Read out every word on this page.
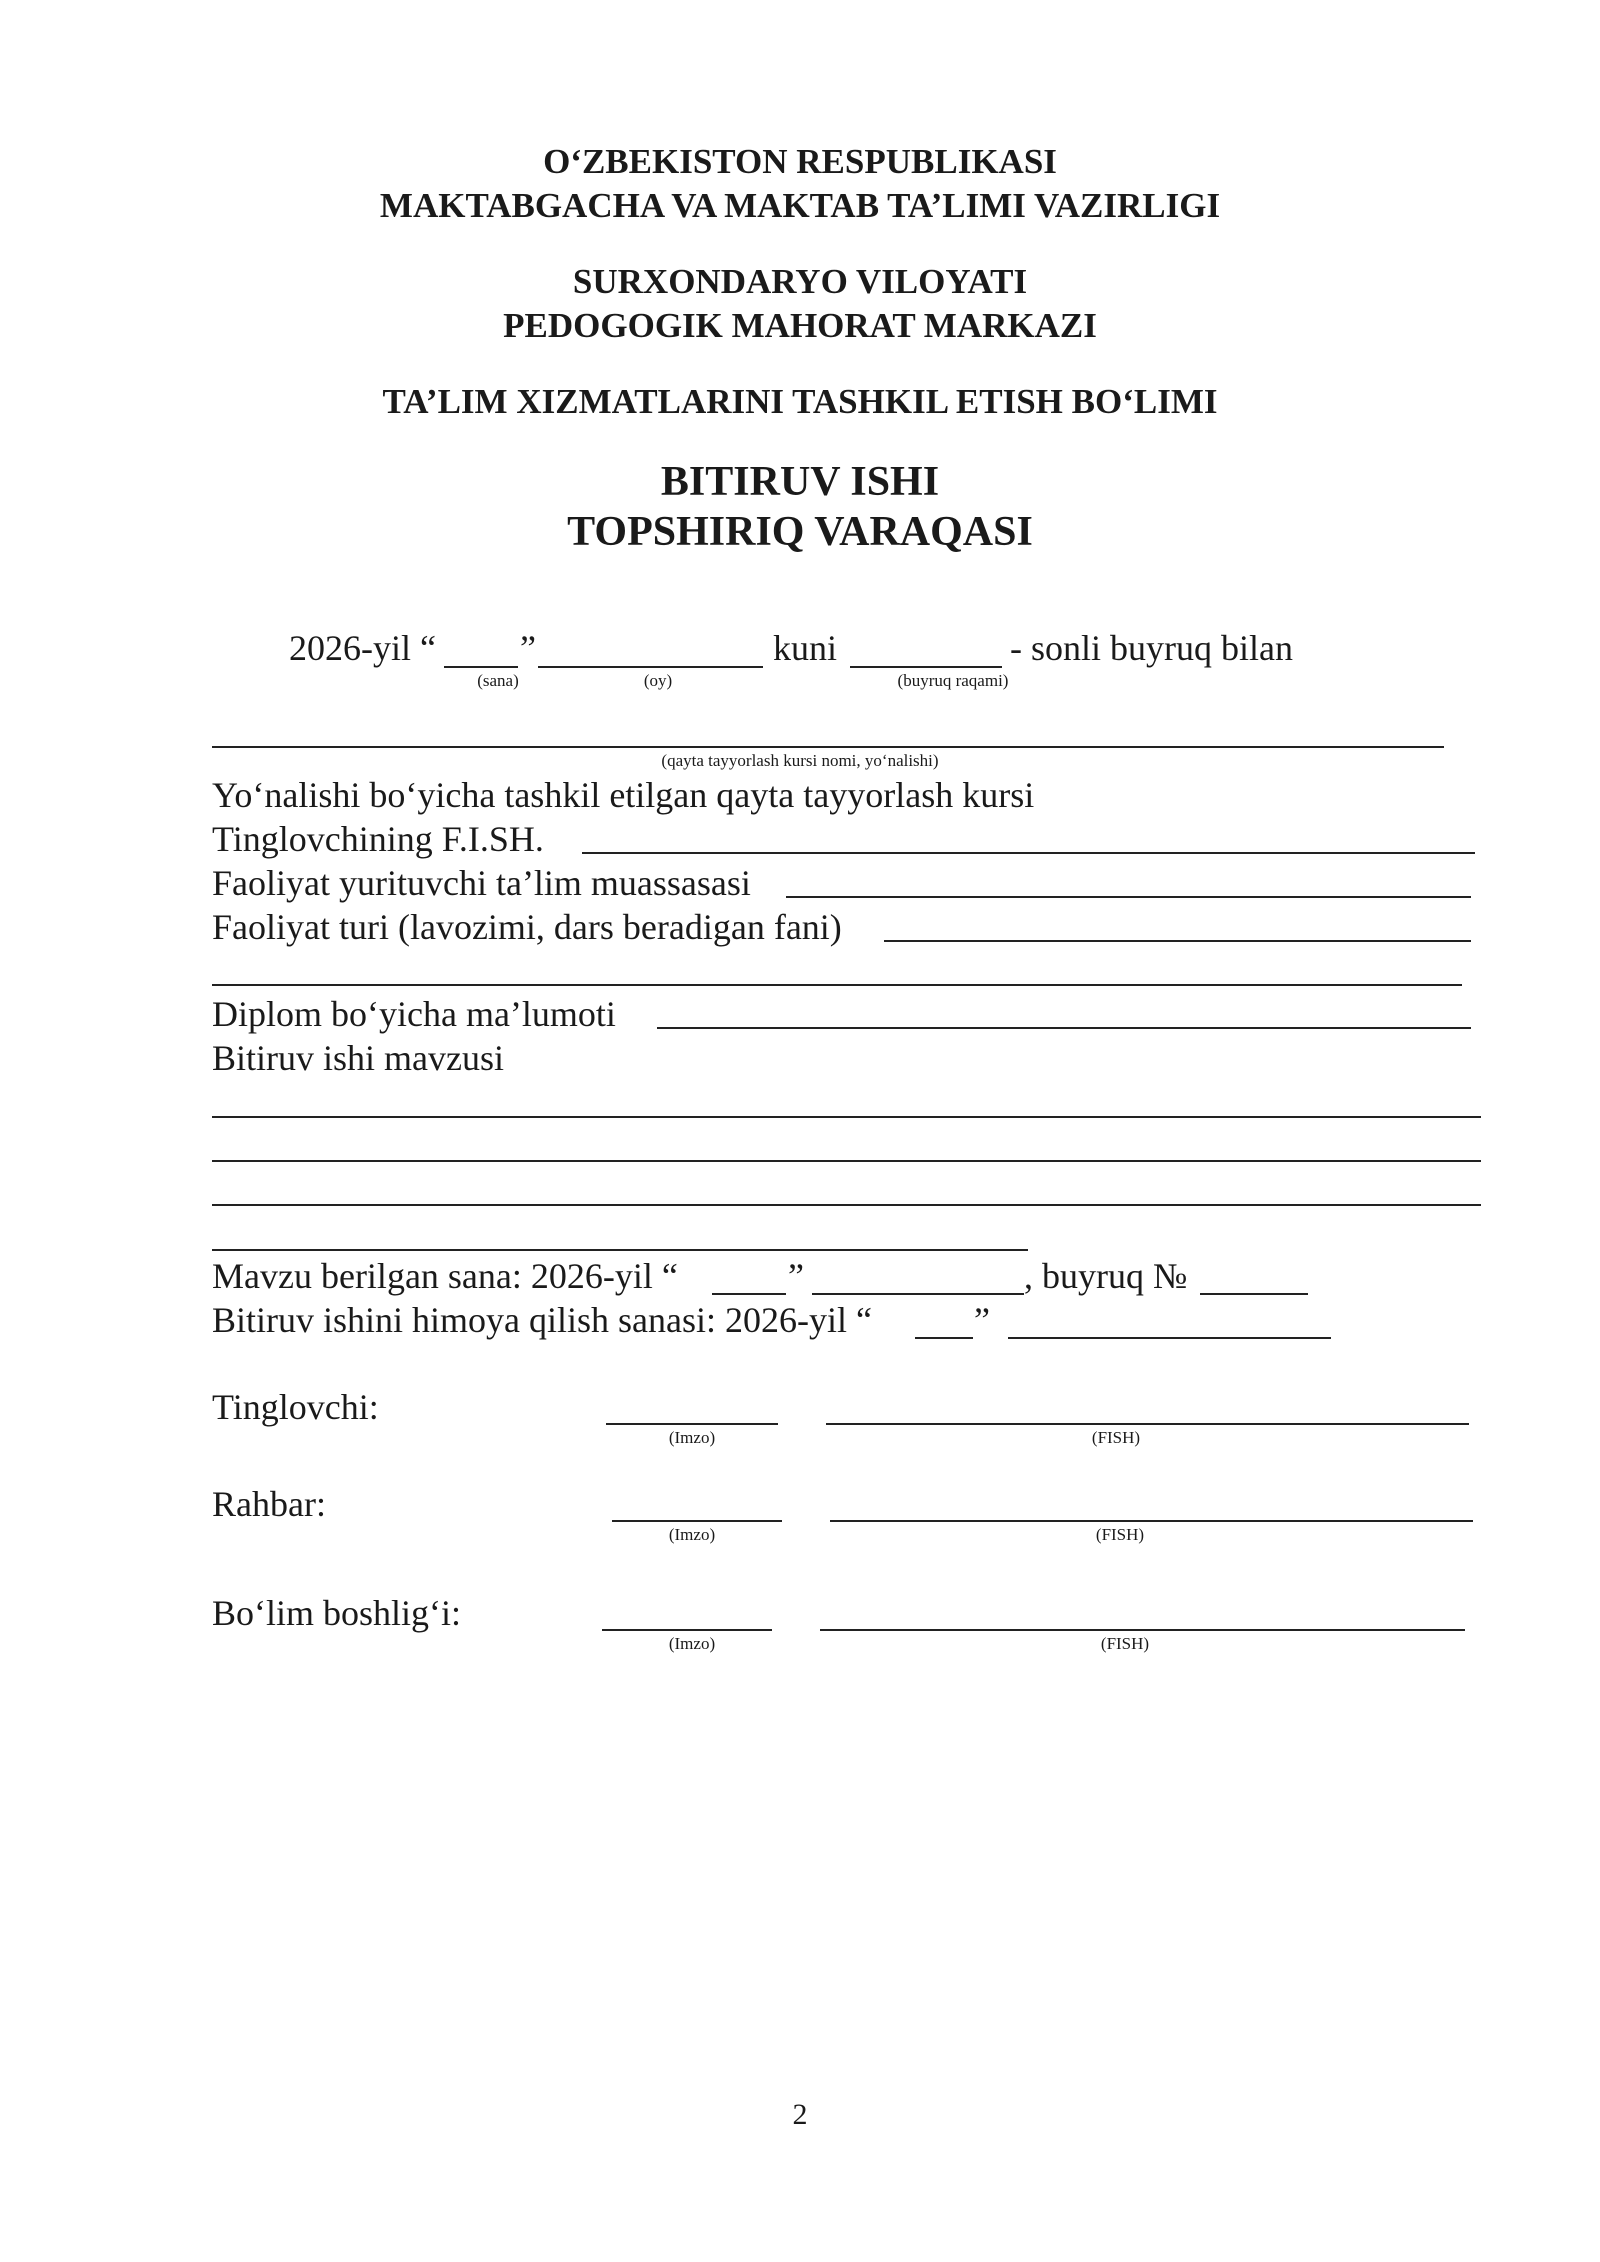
O‘ZBEKISTON RESPUBLIKASI
MAKTABGACHA VA MAKTAB TA’LIMI VAZIRLIGI
SURXONDARYO VILOYATI
PEDOGOGIK MAHORAT MARKAZI
TA’LIM XIZMATLARINI TASHKIL ETISH BO‘LIMI
BITIRUV ISHI
TOPSHIRIQ VARAQASI
2026-yil “ ”	kuni	- sonli buyruq bilan
(sana)	(oy)	(buyruq raqami)
(qayta tayyorlash kursi nomi, yo‘nalishi)
Yo‘nalishi bo‘yicha tashkil etilgan qayta tayyorlash kursi
Tinglovchining F.I.SH.
Faoliyat yurituvchi ta’lim muassasasi
Faoliyat turi (lavozimi, dars beradigan fani)
Diplom bo‘yicha ma’lumoti
Bitiruv ishi mavzusi
Mavzu berilgan sana: 2026-yil “	”	, buyruq №
Bitiruv ishini himoya qilish sanasi: 2026-yil “	”
Tinglovchi:
(Imzo)	(FISH)
Rahbar:
(Imzo)	(FISH)
Bo‘lim boshlig‘i:
(Imzo)	(FISH)
2
